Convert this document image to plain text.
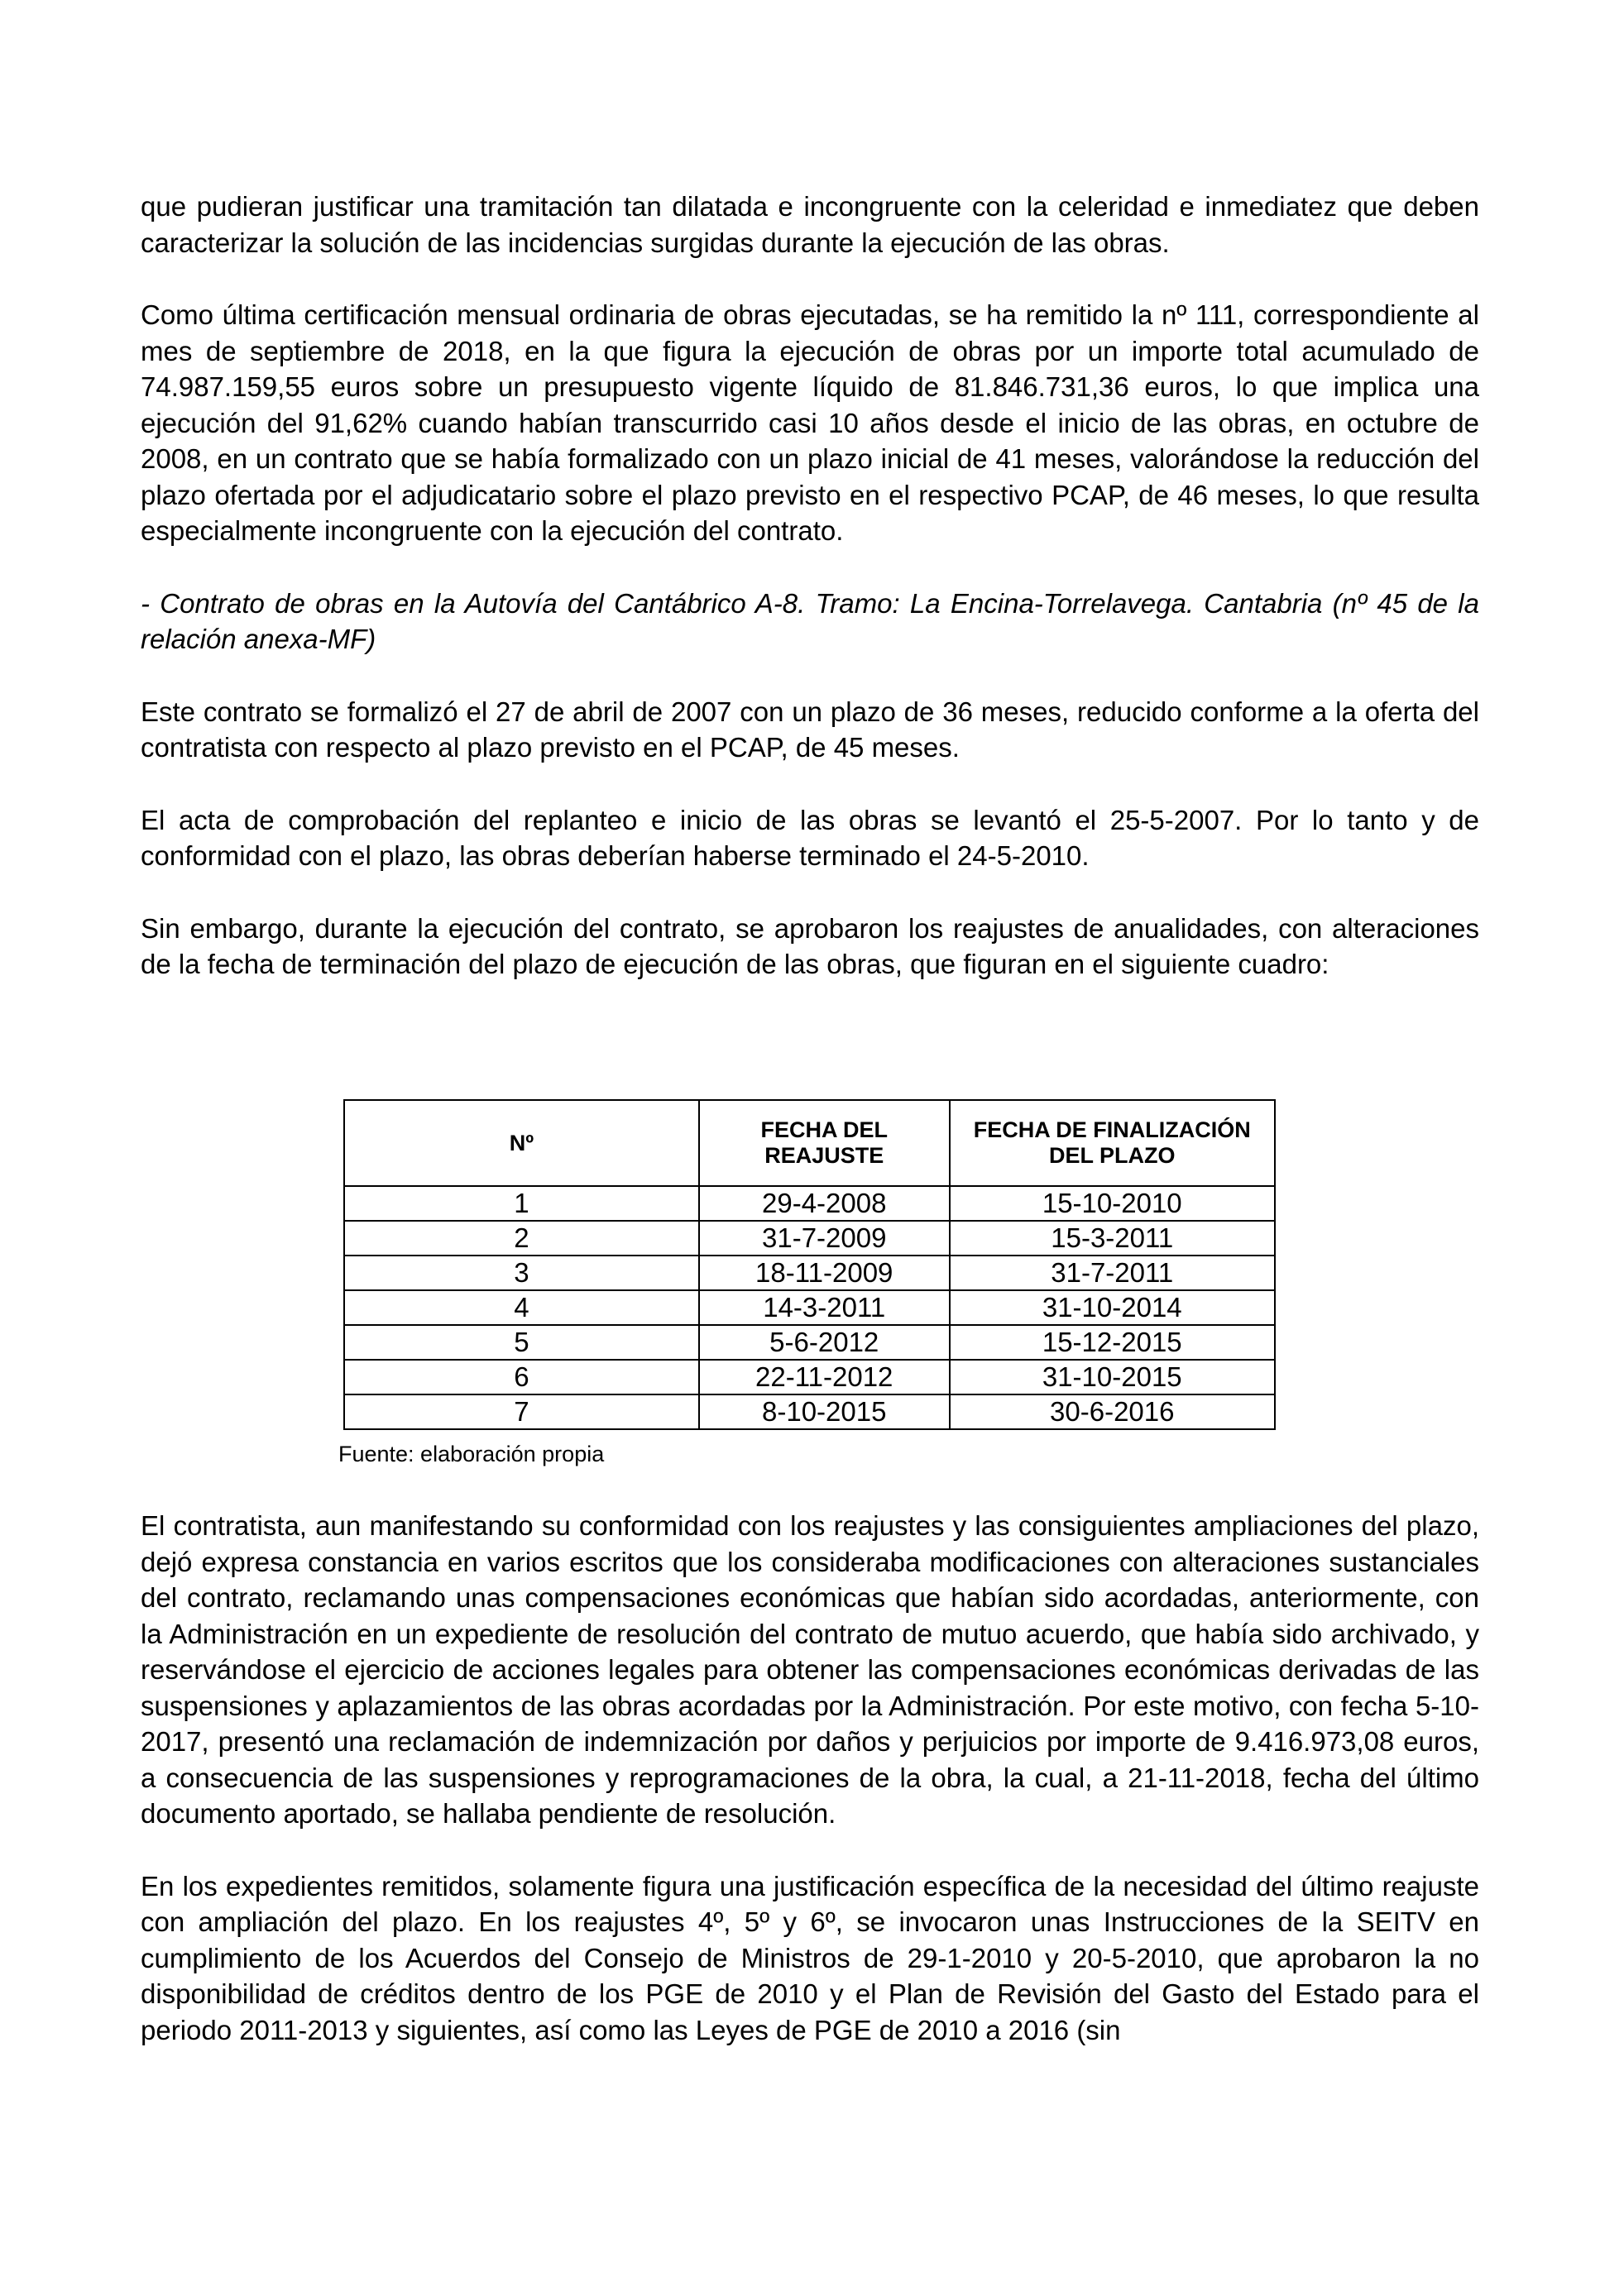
que pudieran justificar una tramitación tan dilatada e incongruente con la celeridad e inmediatez que deben caracterizar la solución de las incidencias surgidas durante la ejecución de las obras.

Como última certificación mensual ordinaria de obras ejecutadas, se ha remitido la nº 111, correspondiente al mes de septiembre de 2018, en la que figura la ejecución de obras por un importe total acumulado de 74.987.159,55 euros sobre un presupuesto vigente líquido de 81.846.731,36 euros, lo que implica una ejecución del 91,62% cuando habían transcurrido casi 10 años desde el inicio de las obras, en octubre de 2008, en un contrato que se había formalizado con un plazo inicial de 41 meses, valorándose la reducción del plazo ofertada por el adjudicatario sobre el plazo previsto en el respectivo PCAP, de 46 meses, lo que resulta especialmente incongruente con la ejecución del contrato.

- Contrato de obras en la Autovía del Cantábrico A-8. Tramo: La Encina-Torrelavega. Cantabria (nº 45 de la relación anexa-MF)

Este contrato se formalizó el 27 de abril de 2007 con un plazo de 36 meses, reducido conforme a la oferta del contratista con respecto al plazo previsto en el PCAP, de 45 meses.

El acta de comprobación del replanteo e inicio de las obras se levantó el 25-5-2007. Por lo tanto y de conformidad con el plazo, las obras deberían haberse terminado el 24-5-2010.

Sin embargo, durante la ejecución del contrato, se aprobaron los reajustes de anualidades, con alteraciones de la fecha de terminación del plazo de ejecución de las obras, que figuran en el siguiente cuadro:

Nº	FECHA DEL REAJUSTE	FECHA DE FINALIZACIÓN DEL PLAZO
1	29-4-2008	15-10-2010
2	31-7-2009	15-3-2011
3	18-11-2009	31-7-2011
4	14-3-2011	31-10-2014
5	5-6-2012	15-12-2015
6	22-11-2012	31-10-2015
7	8-10-2015	30-6-2016
Fuente: elaboración propia

El contratista, aun manifestando su conformidad con los reajustes y las consiguientes ampliaciones del plazo, dejó expresa constancia en varios escritos que los consideraba modificaciones con alteraciones sustanciales del contrato, reclamando unas compensaciones económicas que habían sido acordadas, anteriormente, con la Administración en un expediente de resolución del contrato de mutuo acuerdo, que había sido archivado, y reservándose el ejercicio de acciones legales para obtener las compensaciones económicas derivadas de las suspensiones y aplazamientos de las obras acordadas por la Administración. Por este motivo, con fecha 5-10-2017, presentó una reclamación de indemnización por daños y perjuicios por importe de 9.416.973,08 euros, a consecuencia de las suspensiones y reprogramaciones de la obra, la cual, a 21-11-2018, fecha del último documento aportado, se hallaba pendiente de resolución.

En los expedientes remitidos, solamente figura una justificación específica de la necesidad del último reajuste con ampliación del plazo. En los reajustes 4º, 5º y 6º, se invocaron unas Instrucciones de la SEITV en cumplimiento de los Acuerdos del Consejo de Ministros de 29-1-2010 y 20-5-2010, que aprobaron la no disponibilidad de créditos dentro de los PGE de 2010 y el Plan de Revisión del Gasto del Estado para el periodo 2011-2013 y siguientes, así como las Leyes de PGE de 2010 a 2016 (sin
